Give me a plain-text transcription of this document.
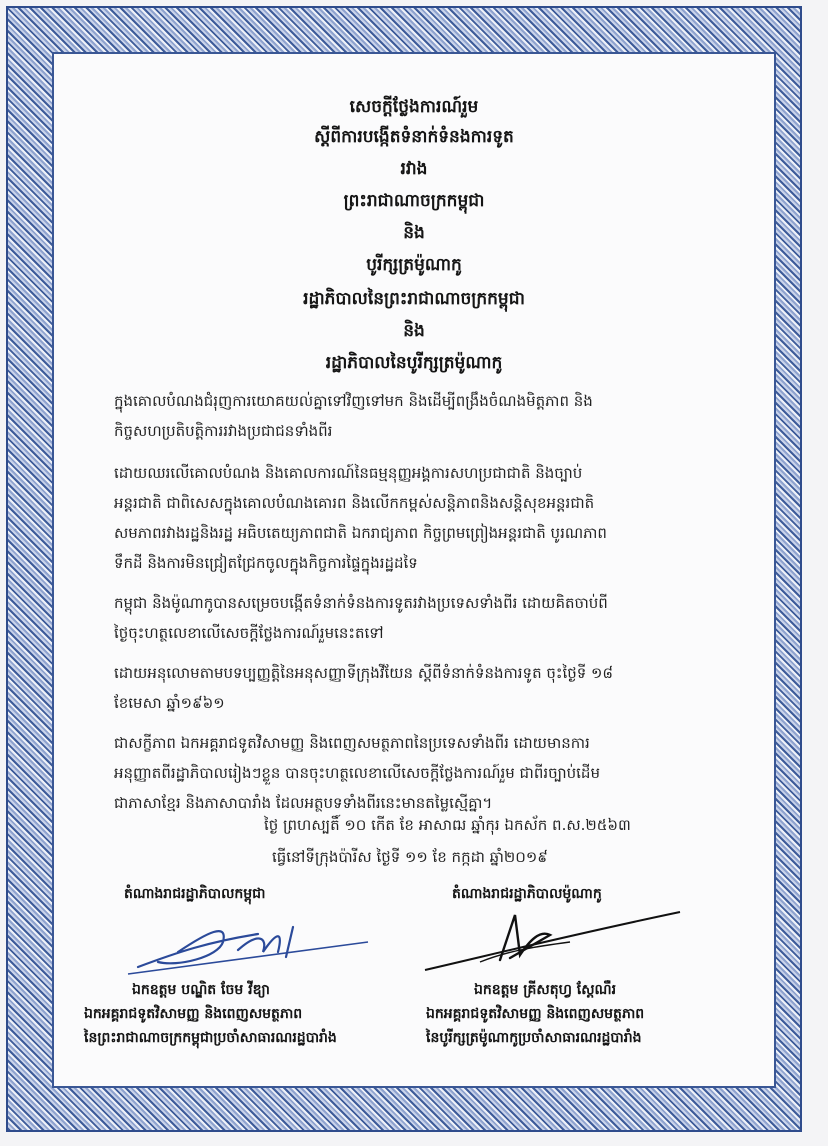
សេចក្តីថ្លែងការណ៍រួម
ស្តីពីការបង្កើតទំនាក់ទំនងការទូត
រវាង
ព្រះរាជាណាចក្រកម្ពុជា
និង
បូរីក្សត្រម៉ូណាកូ
រដ្ឋាភិបាលនៃព្រះរាជាណាចក្រកម្ពុជា
និង
រដ្ឋាភិបាលនៃបូរីក្សត្រម៉ូណាកូ
ក្នុងគោលបំណងជំរុញការយោគយល់គ្នាទៅវិញទៅមក និងដើម្បីពង្រឹងចំណងមិត្តភាព និង
កិច្ចសហប្រតិបត្តិការរវាងប្រជាជនទាំងពីរ
ដោយឈរលើគោលបំណង និងគោលការណ៍នៃធម្មនុញ្ញអង្គការសហប្រជាជាតិ និងច្បាប់
អន្តរជាតិ ជាពិសេសក្នុងគោលបំណងគោរព និងលើកកម្ពស់សន្តិភាពនិងសន្តិសុខអន្តរជាតិ
សមភាពរវាងរដ្ឋនិងរដ្ឋ អធិបតេយ្យភាពជាតិ ឯករាជ្យភាព កិច្ចព្រមព្រៀងអន្តរជាតិ បូរណភាព
ទឹកដី និងការមិនជ្រៀតជ្រែកចូលក្នុងកិច្ចការផ្ទៃក្នុងរដ្ឋដទៃ
កម្ពុជា និងម៉ូណាកូបានសម្រេចបង្កើតទំនាក់ទំនងការទូតរវាងប្រទេសទាំងពីរ ដោយគិតចាប់ពី
ថ្ងៃចុះហត្ថលេខាលើសេចក្តីថ្លែងការណ៍រួមនេះតទៅ
ដោយអនុលោមតាមបទប្បញ្ញត្តិនៃអនុសញ្ញាទីក្រុងវីយែន ស្តីពីទំនាក់ទំនងការទូត ចុះថ្ងៃទី ១៨
ខែមេសា ឆ្នាំ១៩៦១
ជាសក្ខីភាព ឯកអគ្គរាជទូតវិសាមញ្ញ និងពេញសមត្ថភាពនៃប្រទេសទាំងពីរ ដោយមានការ
អនុញ្ញាតពីរដ្ឋាភិបាលរៀងៗខ្លួន បានចុះហត្ថលេខាលើសេចក្តីថ្លែងការណ៍រួម ជាពីរច្បាប់ដើម
ជាភាសាខ្មែរ និងភាសាបារាំង ដែលអត្ថបទទាំងពីរនេះមានតម្លៃស្មើគ្នា។
ថ្ងៃ ព្រហស្បតិ៍ ១០ កើត ខែ អាសាឍ ឆ្នាំកុរ ឯកស័ក ព.ស.២៥៦៣
ធ្វើនៅទីក្រុងប៉ារីស ថ្ងៃទី ១១ ខែ កក្កដា ឆ្នាំ២០១៩
តំណាងរាជរដ្ឋាភិបាលកម្ពុជា
ឯកឧត្តម បណ្ឌិត ចែម វីឌ្យា
ឯកអគ្គរាជទូតវិសាមញ្ញ និងពេញសមត្ថភាព
នៃព្រះរាជាណាចក្រកម្ពុជាប្រចាំសាធារណរដ្ឋបារាំង
តំណាងរាជរដ្ឋាភិបាលម៉ូណាកូ
ឯកឧត្តម គ្រីសតុហ្វ ស្តែណឺរ
ឯកអគ្គរាជទូតវិសាមញ្ញ និងពេញសមត្ថភាព
នៃបូរីក្សត្រម៉ូណាកូប្រចាំសាធារណរដ្ឋបារាំង
